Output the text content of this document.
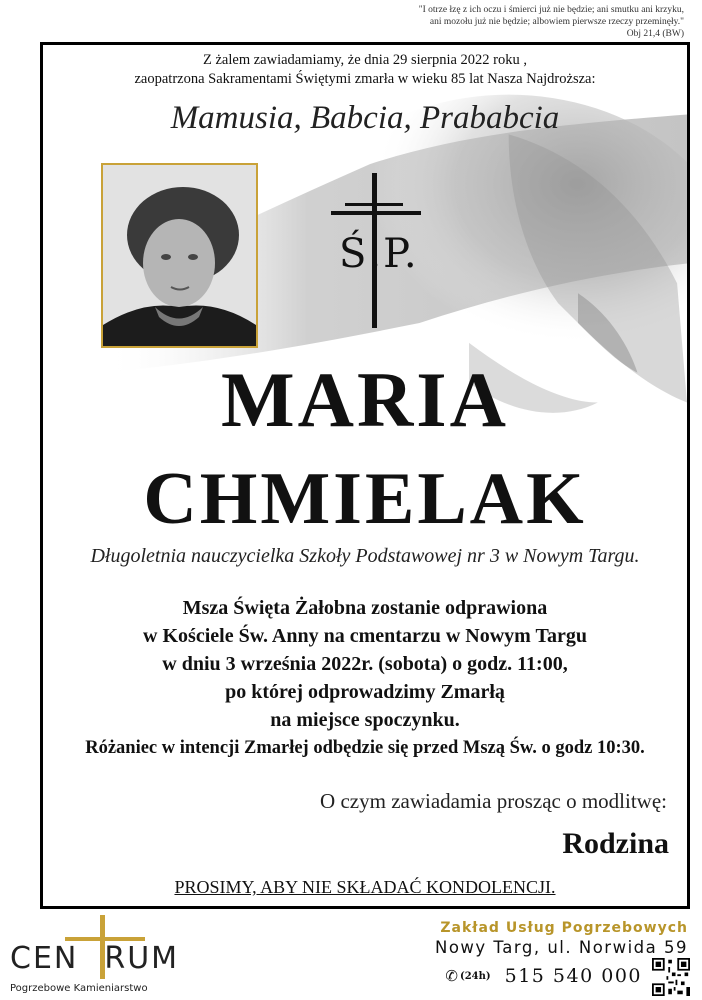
"I otrze łzę z ich oczu i śmierci już nie będzie; ani smutku ani krzyku,
ani mozołu już nie będzie; albowiem pierwsze rzeczy przeminęły."
Obj 21,4 (BW)
Z żalem zawiadamiamy, że dnia 29 sierpnia 2022 roku ,
zaopatrzona Sakramentami Świętymi zmarła w wieku 85 lat Nasza Najdroższa:
Mamusia, Babcia, Prababcia
Ś.P.
MARIA
CHMIELAK
Długoletnia nauczycielka Szkoły Podstawowej nr 3 w Nowym Targu.
Msza Święta Żałobna zostanie odprawiona
w Kościele Św. Anny na cmentarzu w Nowym Targu
w dniu 3 września 2022r. (sobota) o godz. 11:00,
po której odprowadzimy Zmarłą
na miejsce spoczynku.
Różaniec w intencji Zmarłej odbędzie się przed Mszą Św. o godz 10:30.
O czym zawiadamia prosząc o modlitwę:
Rodzina
PROSIMY, ABY NIE SKŁADAĆ KONDOLENCJI.
CEN RUM
Pogrzebowe Kamieniarstwo
Zakład Usług Pogrzebowych
Nowy Targ, ul. Norwida 59
✆ (24h) 515 540 000
